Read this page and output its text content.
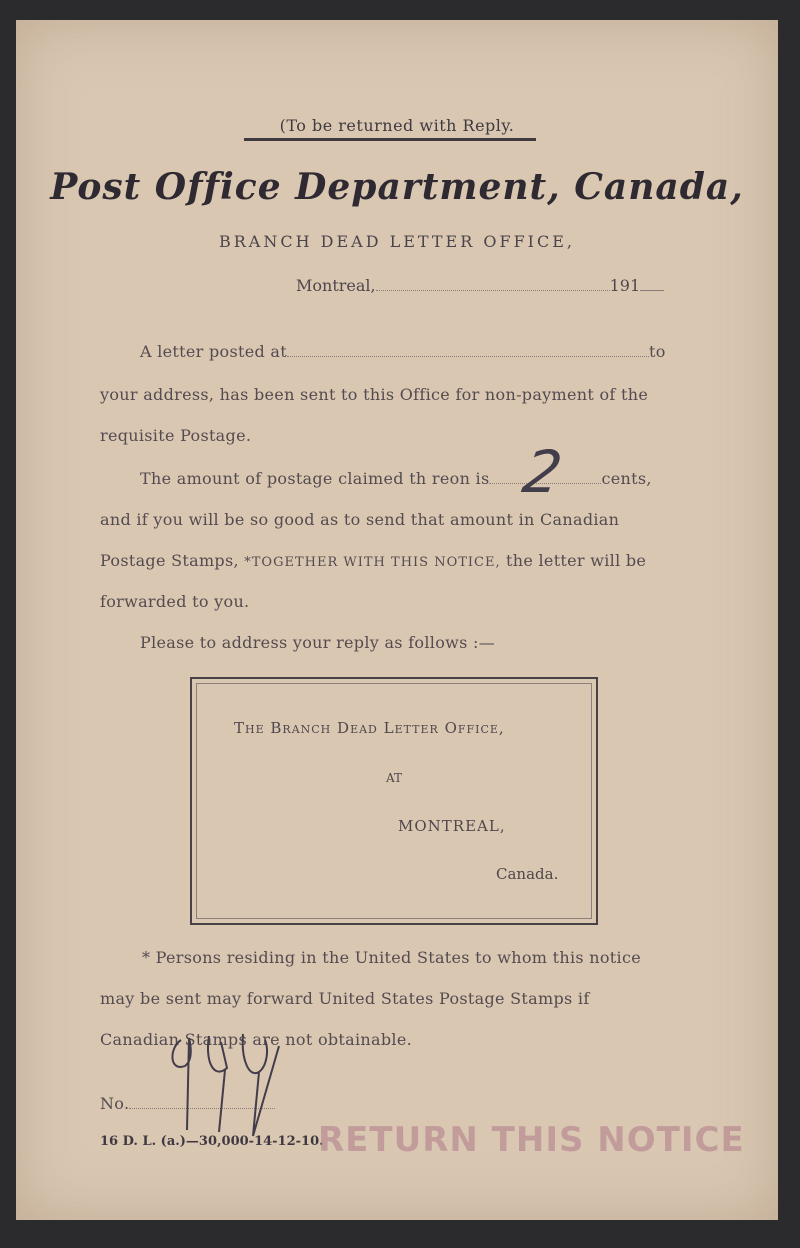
(To be returned with Reply.
Post Office Department, Canada,
BRANCH DEAD LETTER OFFICE,
Montreal,	191
A letter posted at	to
your address, has been sent to this Office for non-payment of the
requisite Postage.
The amount of postage claimed th reon is	cents,
2
and if you will be so good as to send that amount in Canadian
Postage Stamps, *TOGETHER WITH THIS NOTICE, the letter will be
forwarded to you.
Please to address your reply as follows :—
The Branch Dead Letter Office,
AT
MONTREAL,
Canada.
* Persons residing in the United States to whom this notice
may be sent may forward United States Postage Stamps if
Canadian Stamps are not obtainable.
No.
16 D. L. (a.)—30,000-14-12-10.
RETURN THIS NOTICE
